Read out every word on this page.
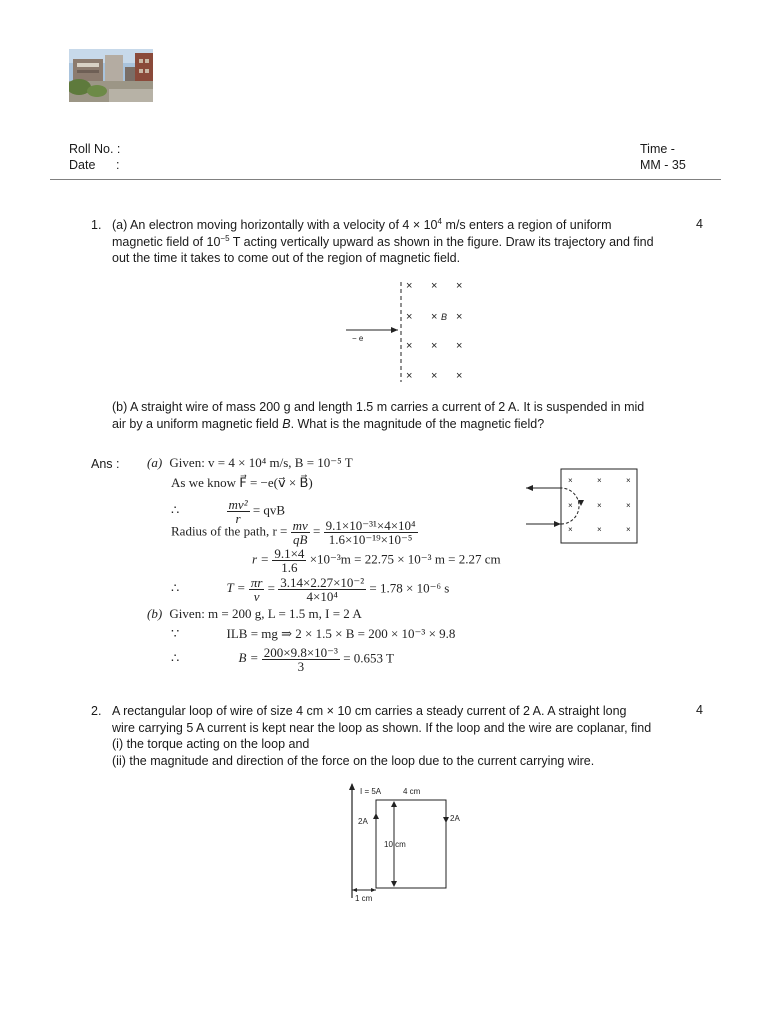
Roll No. :
Date :
Time -
MM - 35
1.	4
(a) An electron moving horizontally with a velocity of $4 \times 10^4$ m/s enters a region of uniform
magnetic field of $10^{-5}$ T acting vertically upward as shown in the figure. Draw its trajectory and find
out the time it takes to come out of the region of magnetic field.
− e
× × ×
× × B ×
× × ×
× × ×
(b) A straight wire of mass 200 g and length 1.5 m carries a current of 2 A. It is suspended in mid
air by a uniform magnetic field B. What is the magnitude of the magnetic field?
Ans : (a) Given: v = 4 × 10⁴ m/s, B = 10⁻⁵ T
As we know F⃗ = −e(v⃗ × B⃗)
∴	$\frac{\text{mv²}}{r}$ = qvB
Radius of the path, $r = \frac{mv}{qB} = \frac{\text{9.1×10⁻³¹×4×10⁴}}{\text{1.6×10⁻¹⁹×10⁻⁵}}$
$r = \frac{9.1\times 4}{1.6} \times 10^{-3}m = 22.75 \times 10^{-3}$ m = 2.27 cm
∴	$T = \frac{\pi r}{v} = \frac{\text{3.14×2.27×10⁻²}}{\text{4×10⁴}} = 1.78 \times 10^{-6}$ s
(b) Given: m = 200 g, L = 1.5 m, I = 2 A
∵	ILB = mg ⇒ 2 × 1.5 × B = 200 × 10⁻³ × 9.8
∴	$B = \frac{\text{200×9.8×10⁻³}}{3} = 0.653$ T
×	×	×
×	×	×
×	×	×
2.	4
A rectangular loop of wire of size 4 cm × 10 cm carries a steady current of 2 A. A straight long
wire carrying 5 A current is kept near the loop as shown. If the loop and the wire are coplanar, find
(i) the torque acting on the loop and
(ii) the magnitude and direction of the force on the loop due to the current carrying wire.
I = 5A	4 cm
2A	2A
10 cm
1 cm
